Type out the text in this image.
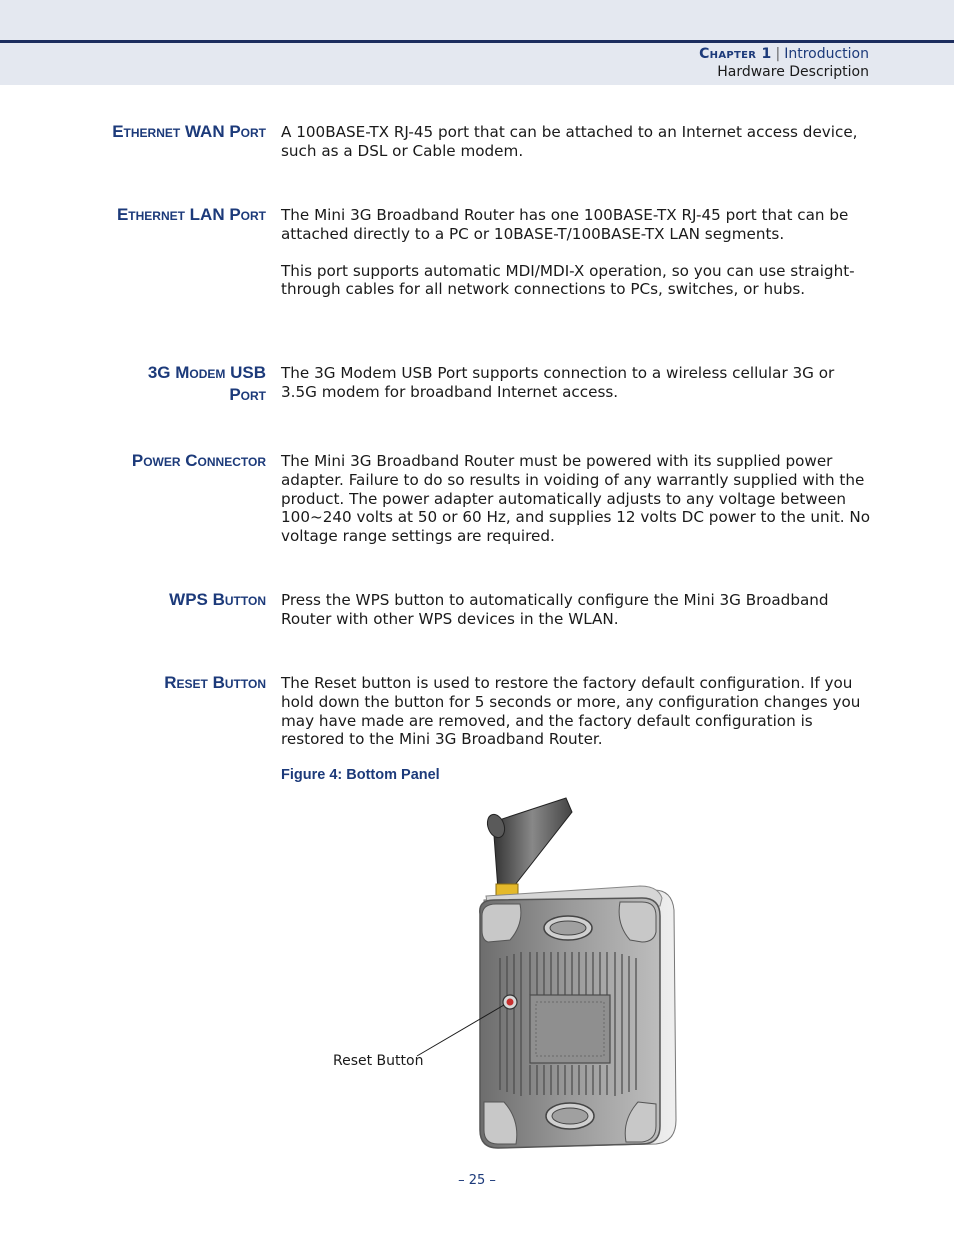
Chapter 1 | Introduction
Hardware Description
Ethernet WAN Port A 100BASE-TX RJ-45 port that can be attached to an Internet access device, such as a DSL or Cable modem.

Ethernet LAN Port The Mini 3G Broadband Router has one 100BASE-TX RJ-45 port that can be attached directly to a PC or 10BASE-T/100BASE-TX LAN segments.

This port supports automatic MDI/MDI-X operation, so you can use straight-through cables for all network connections to PCs, switches, or hubs.

3G Modem USB
Port

The 3G Modem USB Port supports connection to a wireless cellular 3G or 3.5G modem for broadband Internet access.

Power Connector The Mini 3G Broadband Router must be powered with its supplied power adapter. Failure to do so results in voiding of any warrantly supplied with the product. The power adapter automatically adjusts to any voltage between 100~240 volts at 50 or 60 Hz, and supplies 12 volts DC power to the unit. No voltage range settings are required.

WPS Button Press the WPS button to automatically configure the Mini 3G Broadband Router with other WPS devices in the WLAN.

Reset Button The Reset button is used to restore the factory default configuration. If you hold down the button for 5 seconds or more, any configuration changes you may have made are removed, and the factory default configuration is restored to the Mini 3G Broadband Router.

Figure 4: Bottom Panel
Reset Button
– 25 –
